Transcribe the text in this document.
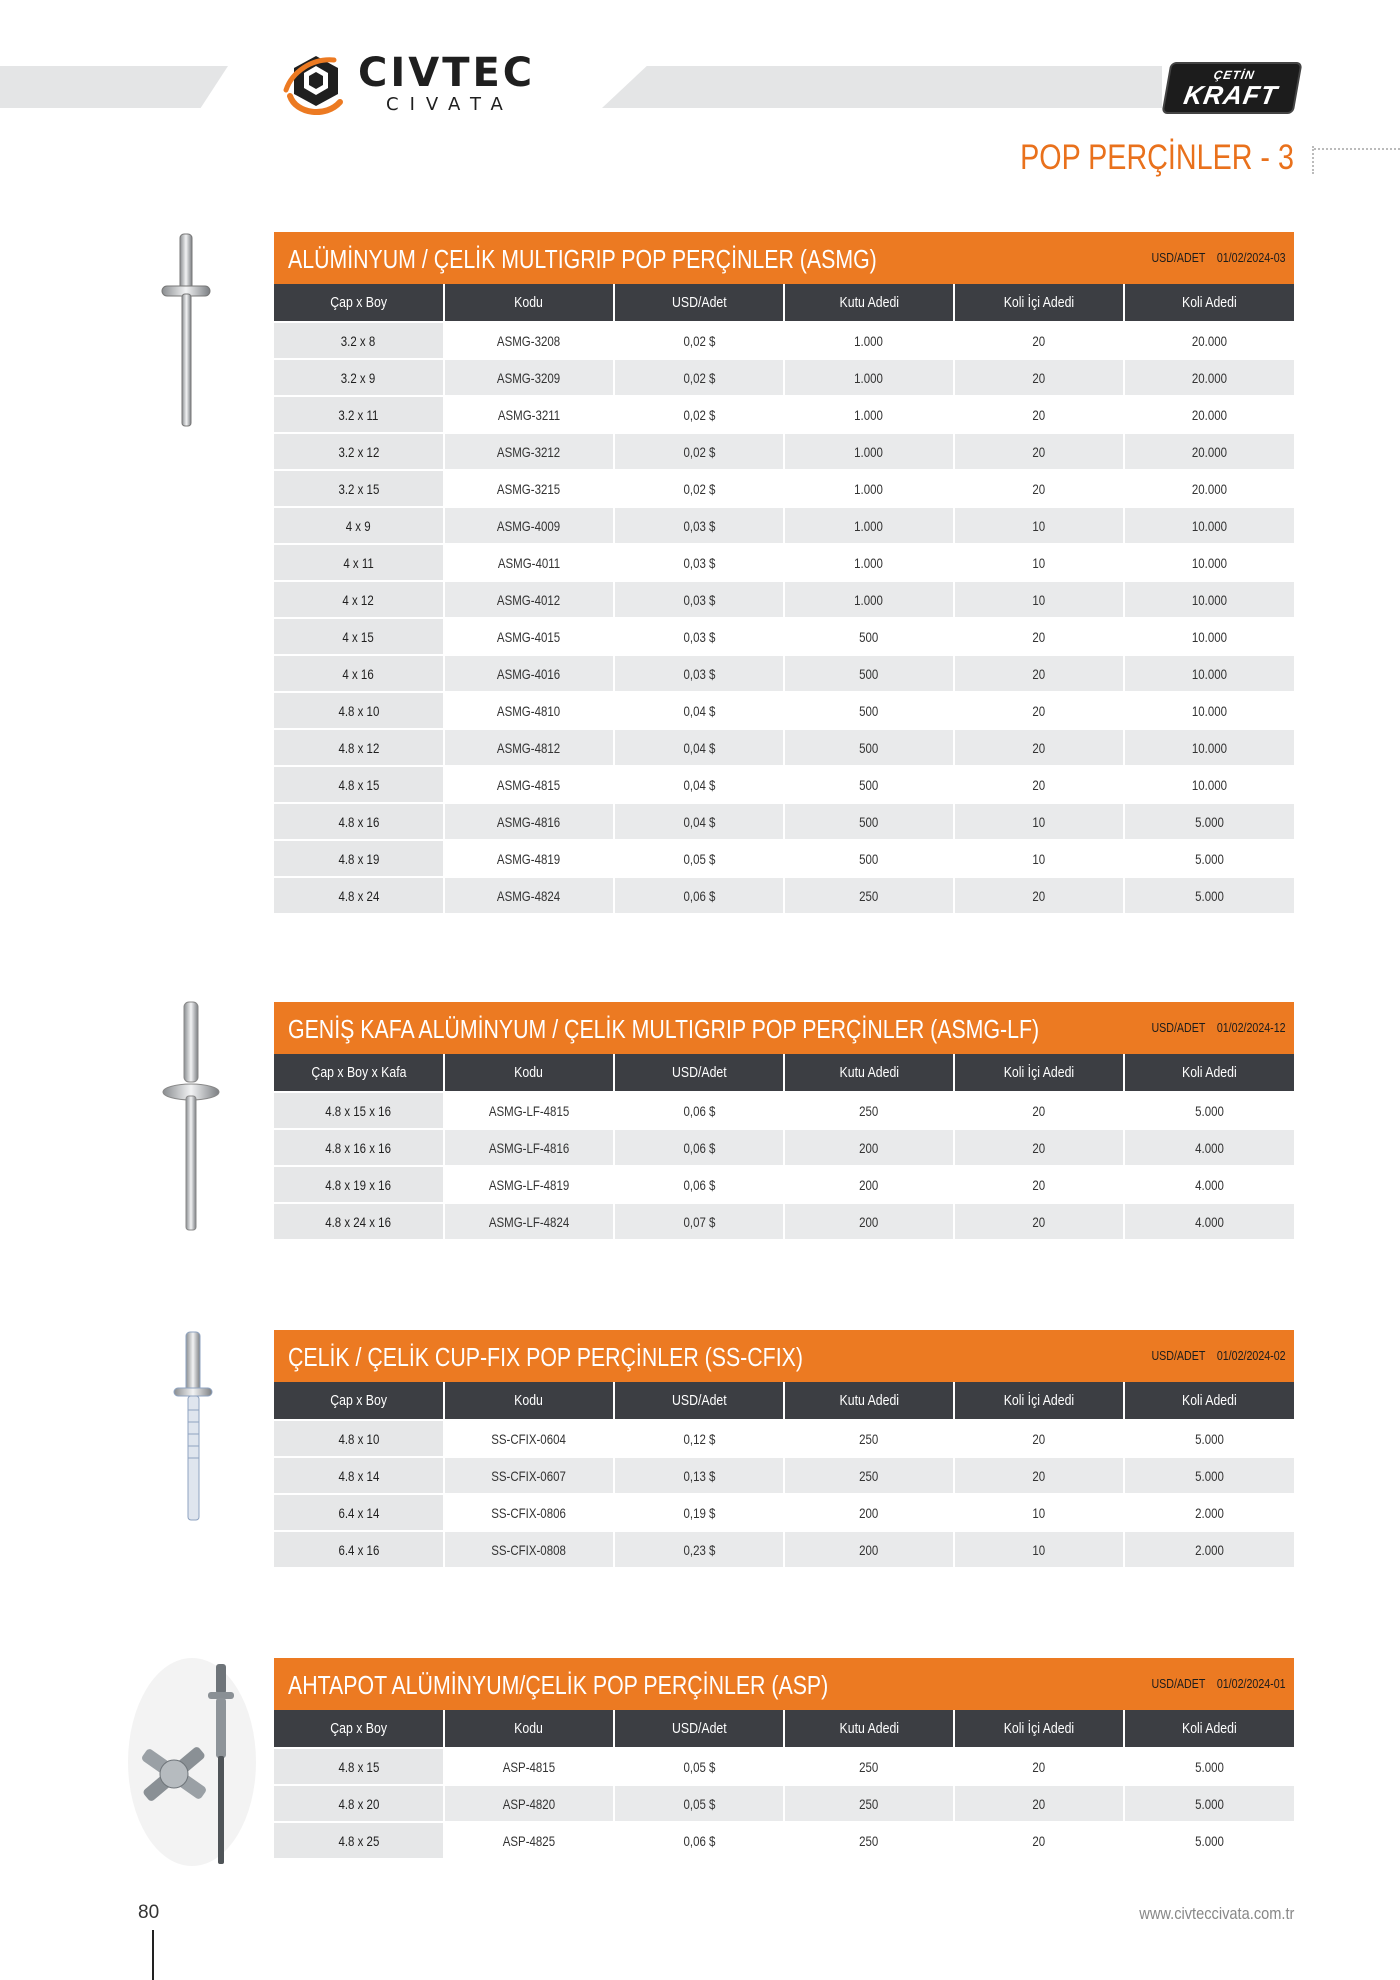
CIVTEC
CIVATA
ÇETİN
KRAFT
POP PERÇİNLER - 3
ALÜMİNYUM / ÇELİK MULTIGRIP POP PERÇİNLER (ASMG)	USD/ADET 01/02/2024-03
Çap x Boy	Kodu	USD/Adet	Kutu Adedi	Koli İçi Adedi	Koli Adedi
3.2 x 8	ASMG-3208	0,02 $	1.000	20	20.000
3.2 x 9	ASMG-3209	0,02 $	1.000	20	20.000
3.2 x 11	ASMG-3211	0,02 $	1.000	20	20.000
3.2 x 12	ASMG-3212	0,02 $	1.000	20	20.000
3.2 x 15	ASMG-3215	0,02 $	1.000	20	20.000
4 x 9	ASMG-4009	0,03 $	1.000	10	10.000
4 x 11	ASMG-4011	0,03 $	1.000	10	10.000
4 x 12	ASMG-4012	0,03 $	1.000	10	10.000
4 x 15	ASMG-4015	0,03 $	500	20	10.000
4 x 16	ASMG-4016	0,03 $	500	20	10.000
4.8 x 10	ASMG-4810	0,04 $	500	20	10.000
4.8 x 12	ASMG-4812	0,04 $	500	20	10.000
4.8 x 15	ASMG-4815	0,04 $	500	20	10.000
4.8 x 16	ASMG-4816	0,04 $	500	10	5.000
4.8 x 19	ASMG-4819	0,05 $	500	10	5.000
4.8 x 24	ASMG-4824	0,06 $	250	20	5.000
GENİŞ KAFA ALÜMİNYUM / ÇELİK MULTIGRIP POP PERÇİNLER (ASMG-LF)	USD/ADET 01/02/2024-12
Çap x Boy x Kafa	Kodu	USD/Adet	Kutu Adedi	Koli İçi Adedi	Koli Adedi
4.8 x 15 x 16	ASMG-LF-4815	0,06 $	250	20	5.000
4.8 x 16 x 16	ASMG-LF-4816	0,06 $	200	20	4.000
4.8 x 19 x 16	ASMG-LF-4819	0,06 $	200	20	4.000
4.8 x 24 x 16	ASMG-LF-4824	0,07 $	200	20	4.000
ÇELİK / ÇELİK CUP-FIX POP PERÇİNLER (SS-CFIX)	USD/ADET 01/02/2024-02
Çap x Boy	Kodu	USD/Adet	Kutu Adedi	Koli İçi Adedi	Koli Adedi
4.8 x 10	SS-CFIX-0604	0,12 $	250	20	5.000
4.8 x 14	SS-CFIX-0607	0,13 $	250	20	5.000
6.4 x 14	SS-CFIX-0806	0,19 $	200	10	2.000
6.4 x 16	SS-CFIX-0808	0,23 $	200	10	2.000
AHTAPOT ALÜMİNYUM/ÇELİK POP PERÇİNLER (ASP)	USD/ADET 01/02/2024-01
Çap x Boy	Kodu	USD/Adet	Kutu Adedi	Koli İçi Adedi	Koli Adedi
4.8 x 15	ASP-4815	0,05 $	250	20	5.000
4.8 x 20	ASP-4820	0,05 $	250	20	5.000
4.8 x 25	ASP-4825	0,06 $	250	20	5.000
80	www.civteccivata.com.tr
